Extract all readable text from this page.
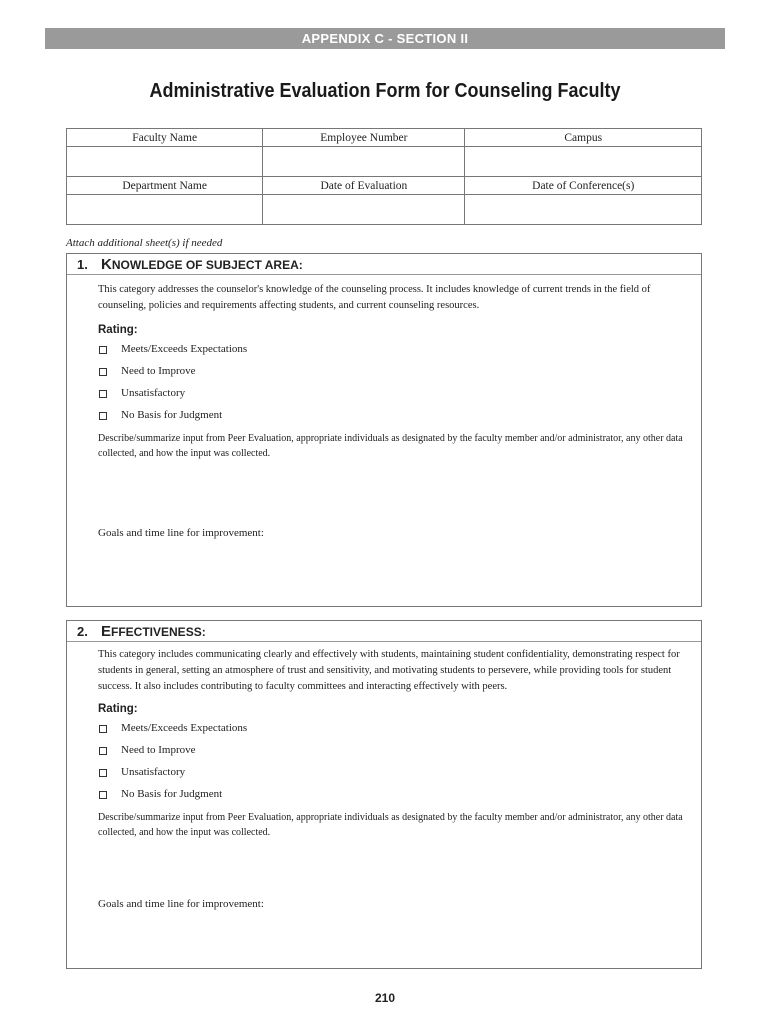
APPENDIX C - SECTION II
Administrative Evaluation Form for Counseling Faculty
Faculty Name	Employee Number	Campus

Department Name	Date of Evaluation	Date of Conference(s)

Attach additional sheet(s) if needed
1. KNOWLEDGE OF SUBJECT AREA:
This category addresses the counselor's knowledge of the counseling process. It includes knowledge of current trends in the field of counseling, policies and requirements affecting students, and current counseling resources.
Rating:
Meets/Exceeds Expectations
Need to Improve
Unsatisfactory
No Basis for Judgment
Describe/summarize input from Peer Evaluation, appropriate individuals as designated by the faculty member and/or administrator, any other data collected, and how the input was collected.
Goals and time line for improvement:
2. EFFECTIVENESS:
This category includes communicating clearly and effectively with students, maintaining student confidentiality, demonstrating respect for students in general, setting an atmosphere of trust and sensitivity, and motivating students to persevere, while providing tools for student success. It also includes contributing to faculty committees and interacting effectively with peers.
Rating:
Meets/Exceeds Expectations
Need to Improve
Unsatisfactory
No Basis for Judgment
Describe/summarize input from Peer Evaluation, appropriate individuals as designated by the faculty member and/or administrator, any other data collected, and how the input was collected.
Goals and time line for improvement:
210
